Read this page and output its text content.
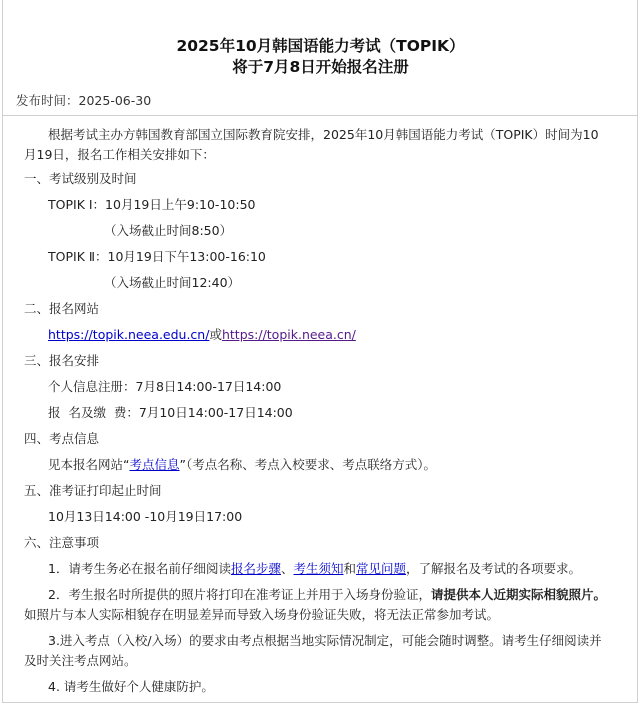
2025年10月韩国语能力考试（TOPIK）
将于7月8日开始报名注册
发布时间：2025-06-30

根据考试主办方韩国教育部国立国际教育院安排，2025年10月韩国语能力考试（TOPIK）时间为10月19日，报名工作相关安排如下：

一、考试级别及时间

TOPIK Ⅰ：10月19日上午9:10-10:50

（入场截止时间8:50）

TOPIK Ⅱ：10月19日下午13:00-16:10

（入场截止时间12:40）

二、报名网站

https://topik.neea.edu.cn/或https://topik.neea.cn/

三、报名安排

个人信息注册：7月8日14:00-17日14:00

报  名及缴  费：7月10日14:00-17日14:00

四、考点信息

见本报名网站“考点信息”（考点名称、考点入校要求、考点联络方式）。

五、准考证打印起止时间

10月13日14:00 -10月19日17:00

六、注意事项

1．请考生务必在报名前仔细阅读报名步骤、考生须知和常见问题，了解报名及考试的各项要求。

2．考生报名时所提供的照片将打印在准考证上并用于入场身份验证，请提供本人近期实际相貌照片。如照片与本人实际相貌存在明显差异而导致入场身份验证失败，将无法正常参加考试。

3.进入考点（入校/入场）的要求由考点根据当地实际情况制定，可能会随时调整。请考生仔细阅读并及时关注考点网站。

4. 请考生做好个人健康防护。
